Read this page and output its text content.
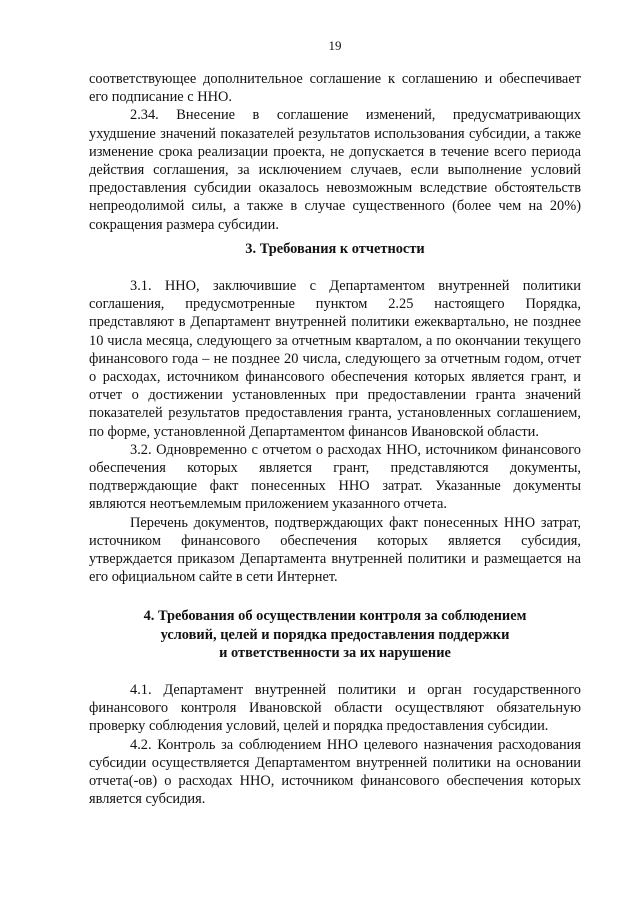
19

соответствующее дополнительное соглашение к соглашению и обеспечивает его подписание с ННО.

2.34. Внесение в соглашение изменений, предусматривающих ухудшение значений показателей результатов использования субсидии, а также изменение срока реализации проекта, не допускается в течение всего периода действия соглашения, за исключением случаев, если выполнение условий предоставления субсидии оказалось невозможным вследствие обстоятельств непреодолимой силы, а также в случае существенного (более чем на 20%) сокращения размера субсидии.

3. Требования к отчетности

3.1. ННО, заключившие с Департаментом внутренней политики соглашения, предусмотренные пунктом 2.25 настоящего Порядка, представляют в Департамент внутренней политики ежеквартально, не позднее 10 числа месяца, следующего за отчетным кварталом, а по окончании текущего финансового года – не позднее 20 числа, следующего за отчетным годом, отчет о расходах, источником финансового обеспечения которых является грант, и отчет о достижении установленных при предоставлении гранта значений показателей результатов предоставления гранта, установленных соглашением, по форме, установленной Департаментом финансов Ивановской области.

3.2. Одновременно с отчетом о расходах ННО, источником финансового обеспечения которых является грант, представляются документы, подтверждающие факт понесенных ННО затрат. Указанные документы являются неотъемлемым приложением указанного отчета.

Перечень документов, подтверждающих факт понесенных ННО затрат, источником финансового обеспечения которых является субсидия, утверждается приказом Департамента внутренней политики и размещается на его официальном сайте в сети Интернет.

4. Требования об осуществлении контроля за соблюдением
условий, целей и порядка предоставления поддержки
и ответственности за их нарушение

4.1. Департамент внутренней политики и орган государственного финансового контроля Ивановской области осуществляют обязательную проверку соблюдения условий, целей и порядка предоставления субсидии.

4.2. Контроль за соблюдением ННО целевого назначения расходования субсидии осуществляется Департаментом внутренней политики на основании отчета(-ов) о расходах ННО, источником финансового обеспечения которых является субсидия.
